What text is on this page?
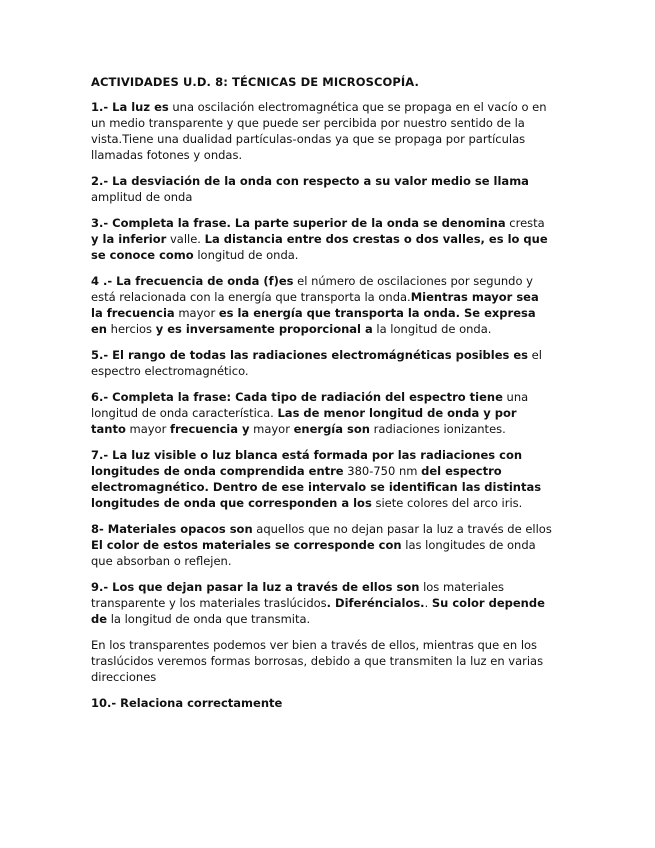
ACTIVIDADES U.D. 8: TÉCNICAS DE MICROSCOPÍA.
1.- La luz es una oscilación electromagnética que se propaga en el vacío o en
un medio transparente y que puede ser percibida por nuestro sentido de la
vista.Tiene una dualidad partículas-ondas ya que se propaga por partículas
llamadas fotones y ondas.
2.- La desviación de la onda con respecto a su valor medio se llama
amplitud de onda
3.- Completa la frase. La parte superior de la onda se denomina cresta
y la inferior valle. La distancia entre dos crestas o dos valles, es lo que
se conoce como longitud de onda.
4 .- La frecuencia de onda (f)es el número de oscilaciones por segundo y
está relacionada con la energía que transporta la onda.Mientras mayor sea
la frecuencia mayor es la energía que transporta la onda. Se expresa
en hercios y es inversamente proporcional a la longitud de onda.
5.- El rango de todas las radiaciones electromágnéticas posibles es el
espectro electromagnético.
6.- Completa la frase: Cada tipo de radiación del espectro tiene una
longitud de onda característica. Las de menor longitud de onda y por
tanto mayor frecuencia y mayor energía son radiaciones ionizantes.
7.- La luz visible o luz blanca está formada por las radiaciones con
longitudes de onda comprendida entre 380-750 nm del espectro
electromagnético. Dentro de ese intervalo se identifican las distintas
longitudes de onda que corresponden a los siete colores del arco iris.
8- Materiales opacos son aquellos que no dejan pasar la luz a través de ellos
El color de estos materiales se corresponde con las longitudes de onda
que absorban o reflejen.
9.- Los que dejan pasar la luz a través de ellos son los materiales
transparente y los materiales traslúcidos. Diferéncialos.. Su color depende
de la longitud de onda que transmita.
En los transparentes podemos ver bien a través de ellos, mientras que en los
traslúcidos veremos formas borrosas, debido a que transmiten la luz en varias
direcciones
10.- Relaciona correctamente
